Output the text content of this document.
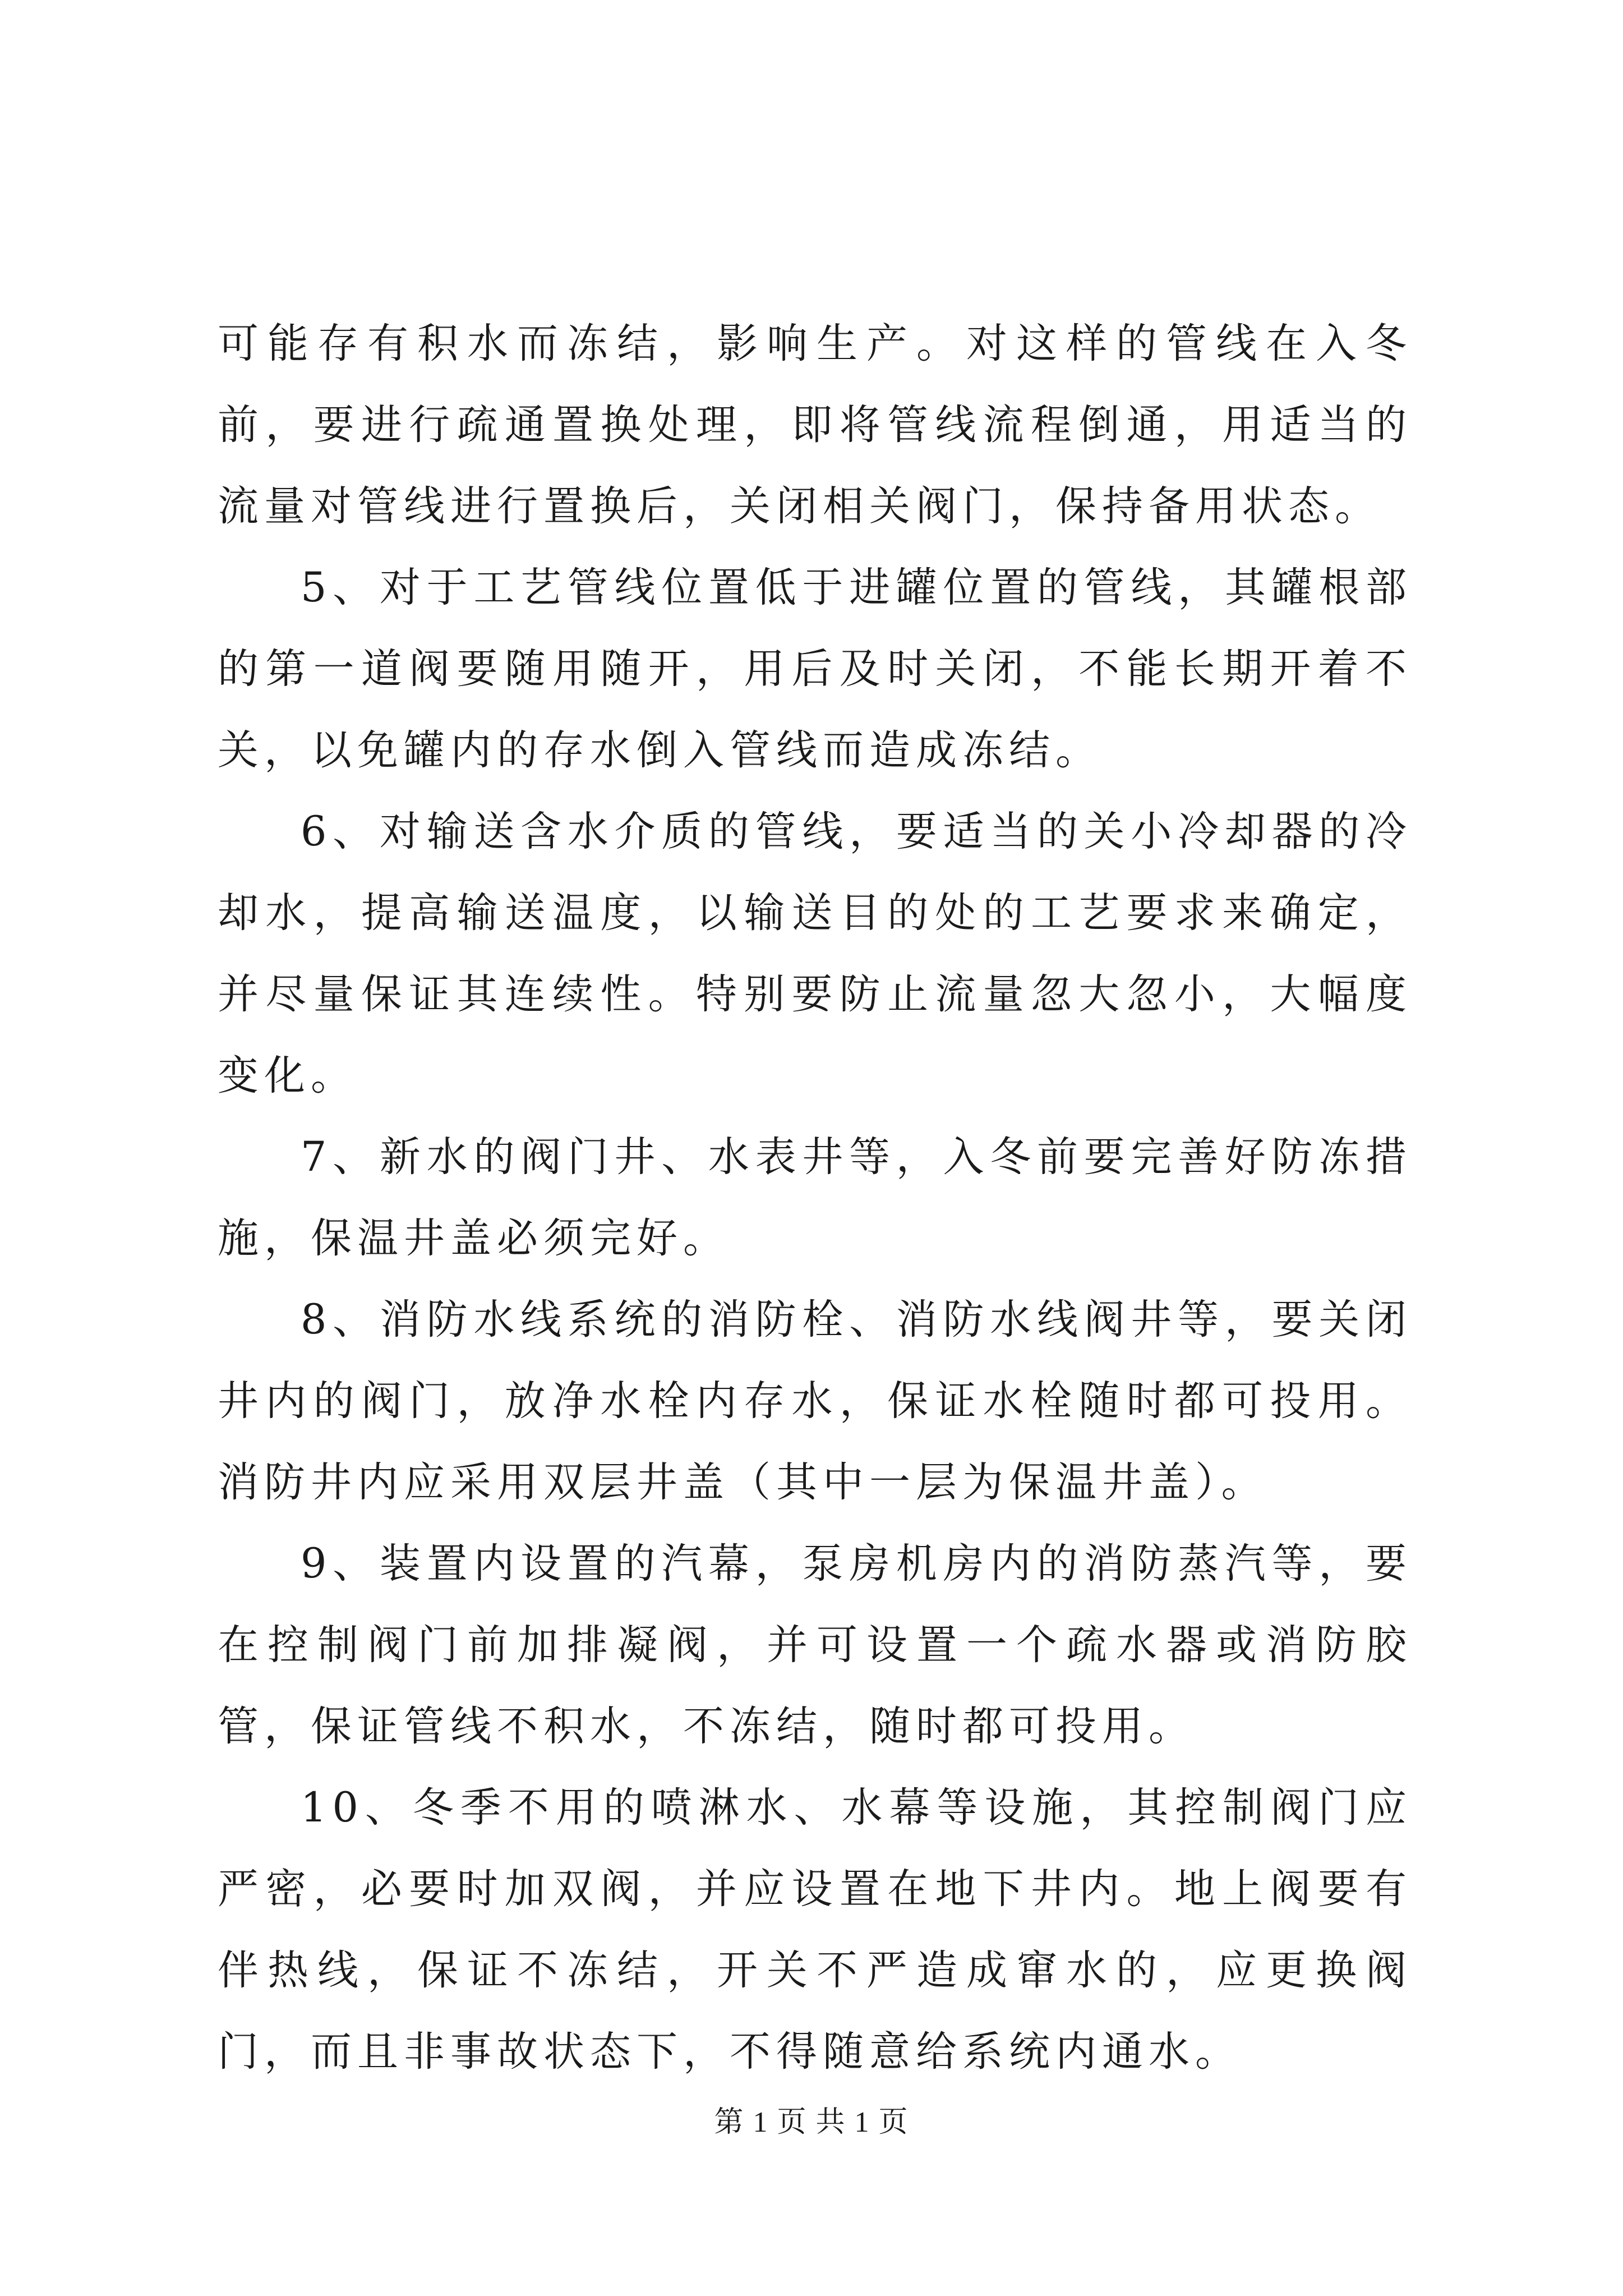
可能存有积水而冻结，影响生产。对这样的管线在入冬前，要进行疏通置换处理，即将管线流程倒通，用适当的流量对管线进行置换后，关闭相关阀门，保持备用状态。

5、对于工艺管线位置低于进罐位置的管线，其罐根部的第一道阀要随用随开，用后及时关闭，不能长期开着不关，以免罐内的存水倒入管线而造成冻结。

6、对输送含水介质的管线，要适当的关小冷却器的冷却水，提高输送温度，以输送目的处的工艺要求来确定，并尽量保证其连续性。特别要防止流量忽大忽小，大幅度变化。

7、新水的阀门井、水表井等，入冬前要完善好防冻措施，保温井盖必须完好。

8、消防水线系统的消防栓、消防水线阀井等，要关闭井内的阀门，放净水栓内存水，保证水栓随时都可投用。消防井内应采用双层井盖（其中一层为保温井盖）。

9、装置内设置的汽幕，泵房机房内的消防蒸汽等，要在控制阀门前加排凝阀，并可设置一个疏水器或消防胶管，保证管线不积水，不冻结，随时都可投用。

10、冬季不用的喷淋水、水幕等设施，其控制阀门应严密，必要时加双阀，并应设置在地下井内。地上阀要有伴热线，保证不冻结，开关不严造成窜水的，应更换阀门，而且非事故状态下，不得随意给系统内通水。

第 1 页 共 1 页
